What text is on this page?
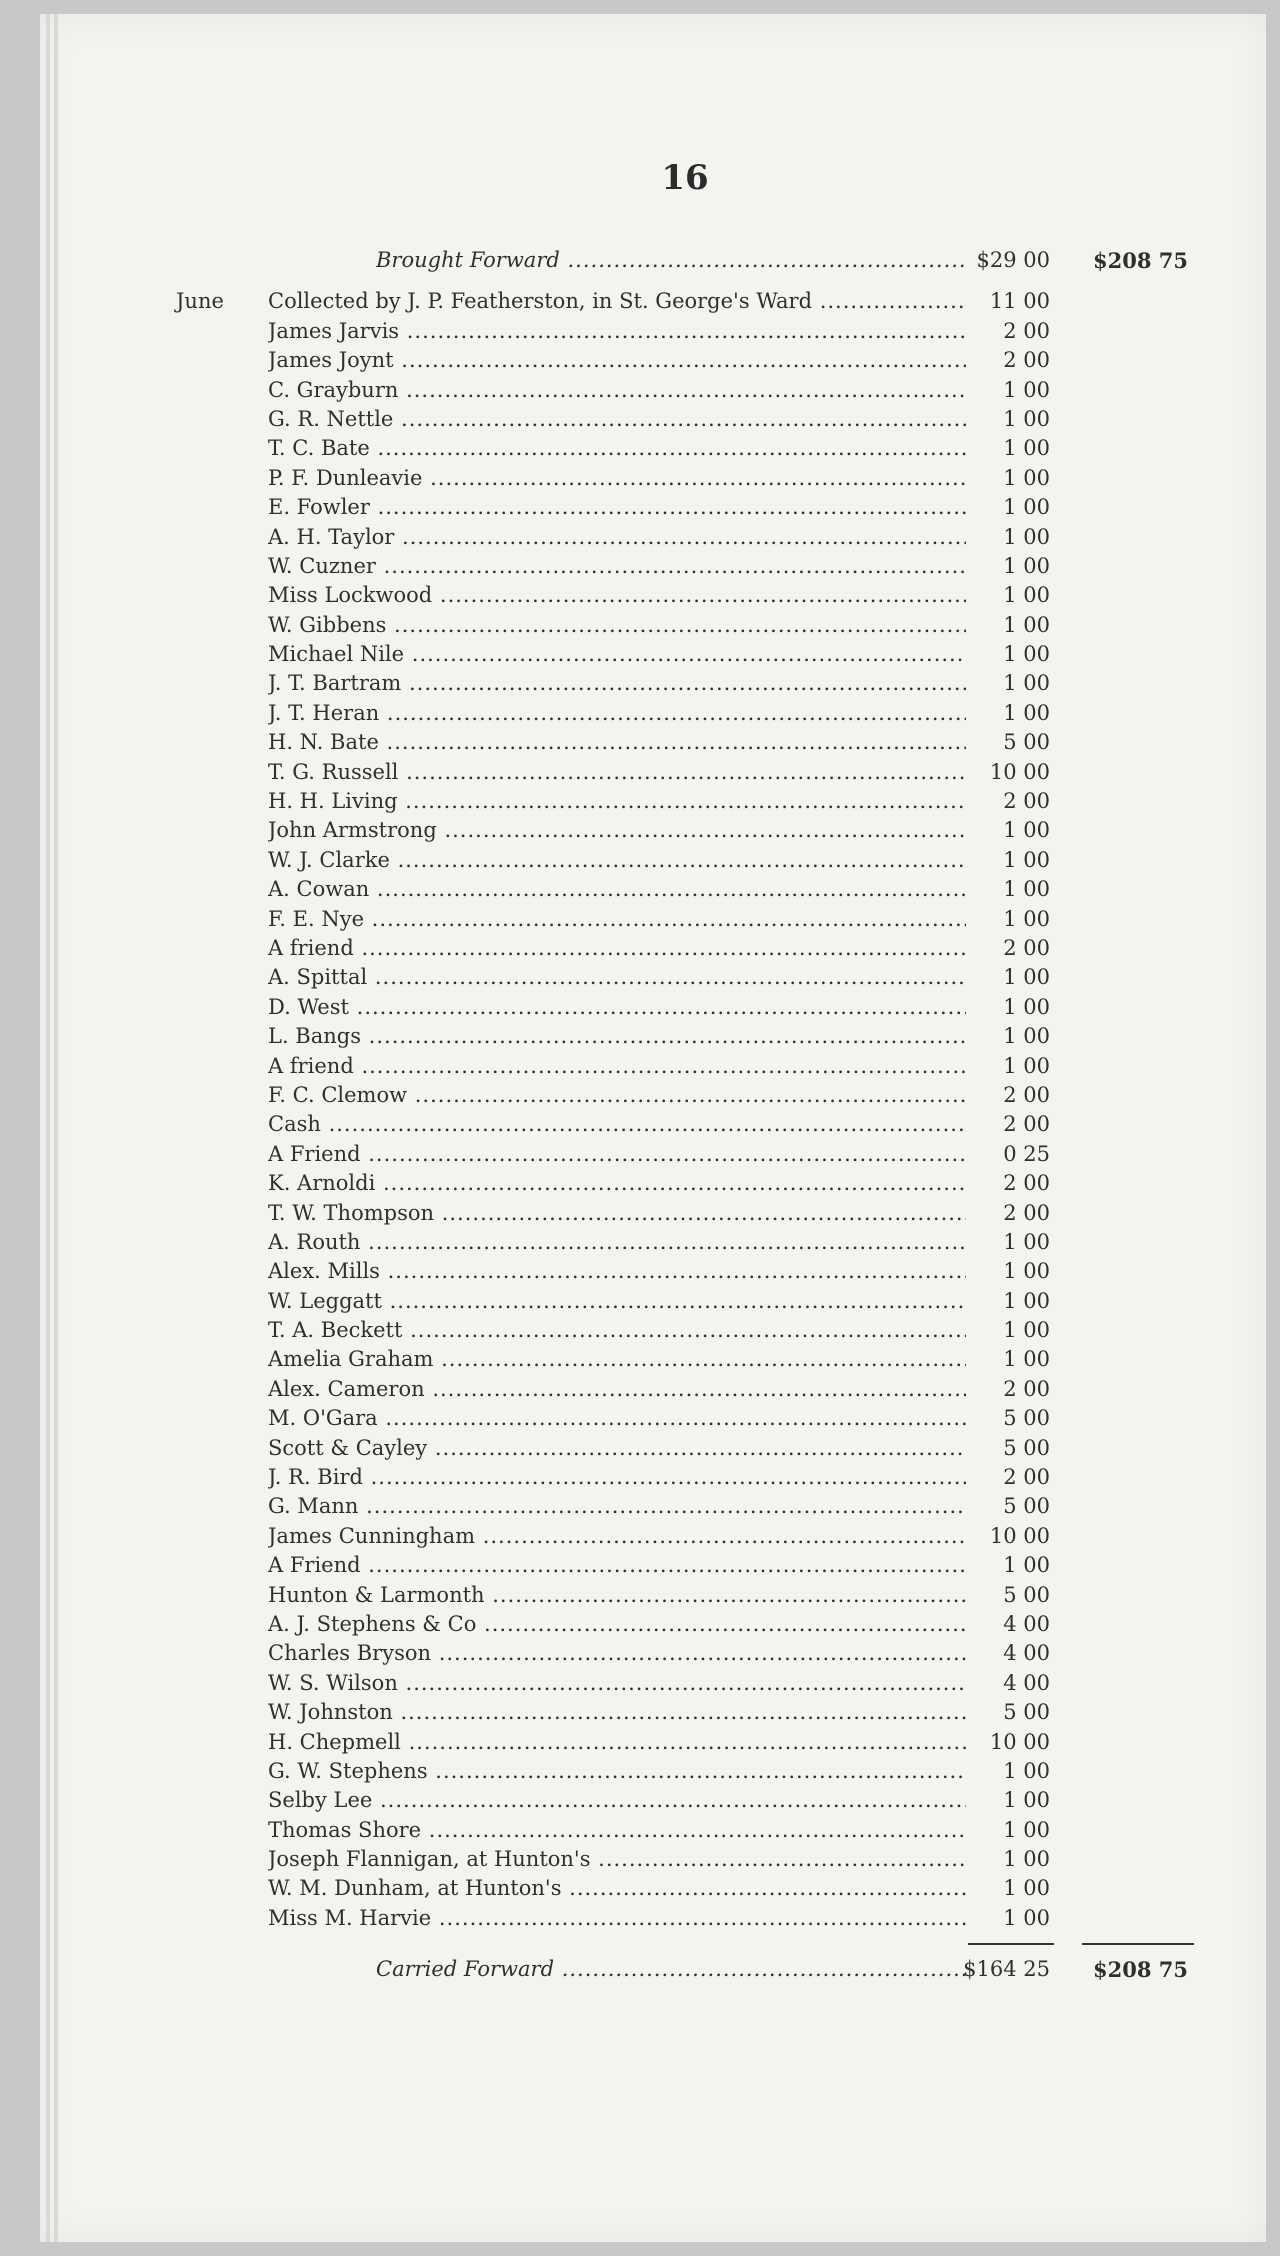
16
Brought Forward .....	$29 00	$208 75
June Collected by J. P. Featherston, in St. George's Ward .....	11 00
James Jarvis .....	2 00
James Joynt .....	2 00
C. Grayburn .....	1 00
G. R. Nettle .....	1 00
T. C. Bate .....	1 00
P. F. Dunleavie .....	1 00
E. Fowler .....	1 00
A. H. Taylor .....	1 00
W. Cuzner .....	1 00
Miss Lockwood .....	1 00
W. Gibbens .....	1 00
Michael Nile .....	1 00
J. T. Bartram .....	1 00
J. T. Heran .....	1 00
H. N. Bate .....	5 00
T. G. Russell .....	10 00
H. H. Living .....	2 00
John Armstrong .....	1 00
W. J. Clarke .....	1 00
A. Cowan .....	1 00
F. E. Nye .....	1 00
A friend .....	2 00
A. Spittal .....	1 00
D. West .....	1 00
L. Bangs .....	1 00
A friend .....	1 00
F. C. Clemow .....	2 00
Cash .....	2 00
A Friend .....	0 25
K. Arnoldi .....	2 00
T. W. Thompson .....	2 00
A. Routh .....	1 00
Alex. Mills .....	1 00
W. Leggatt .....	1 00
T. A. Beckett .....	1 00
Amelia Graham .....	1 00
Alex. Cameron .....	2 00
M. O'Gara .....	5 00
Scott & Cayley .....	5 00
J. R. Bird .....	2 00
G. Mann .....	5 00
James Cunningham .....	10 00
A Friend .....	1 00
Hunton & Larmonth .....	5 00
A. J. Stephens & Co .....	4 00
Charles Bryson .....	4 00
W. S. Wilson .....	4 00
W. Johnston .....	5 00
H. Chepmell .....	10 00
G. W. Stephens .....	1 00
Selby Lee .....	1 00
Thomas Shore .....	1 00
Joseph Flannigan, at Hunton's .....	1 00
W. M. Dunham, at Hunton's .....	1 00
Miss M. Harvie .....	1 00
Carried Forward .....	$164 25	$208 75
